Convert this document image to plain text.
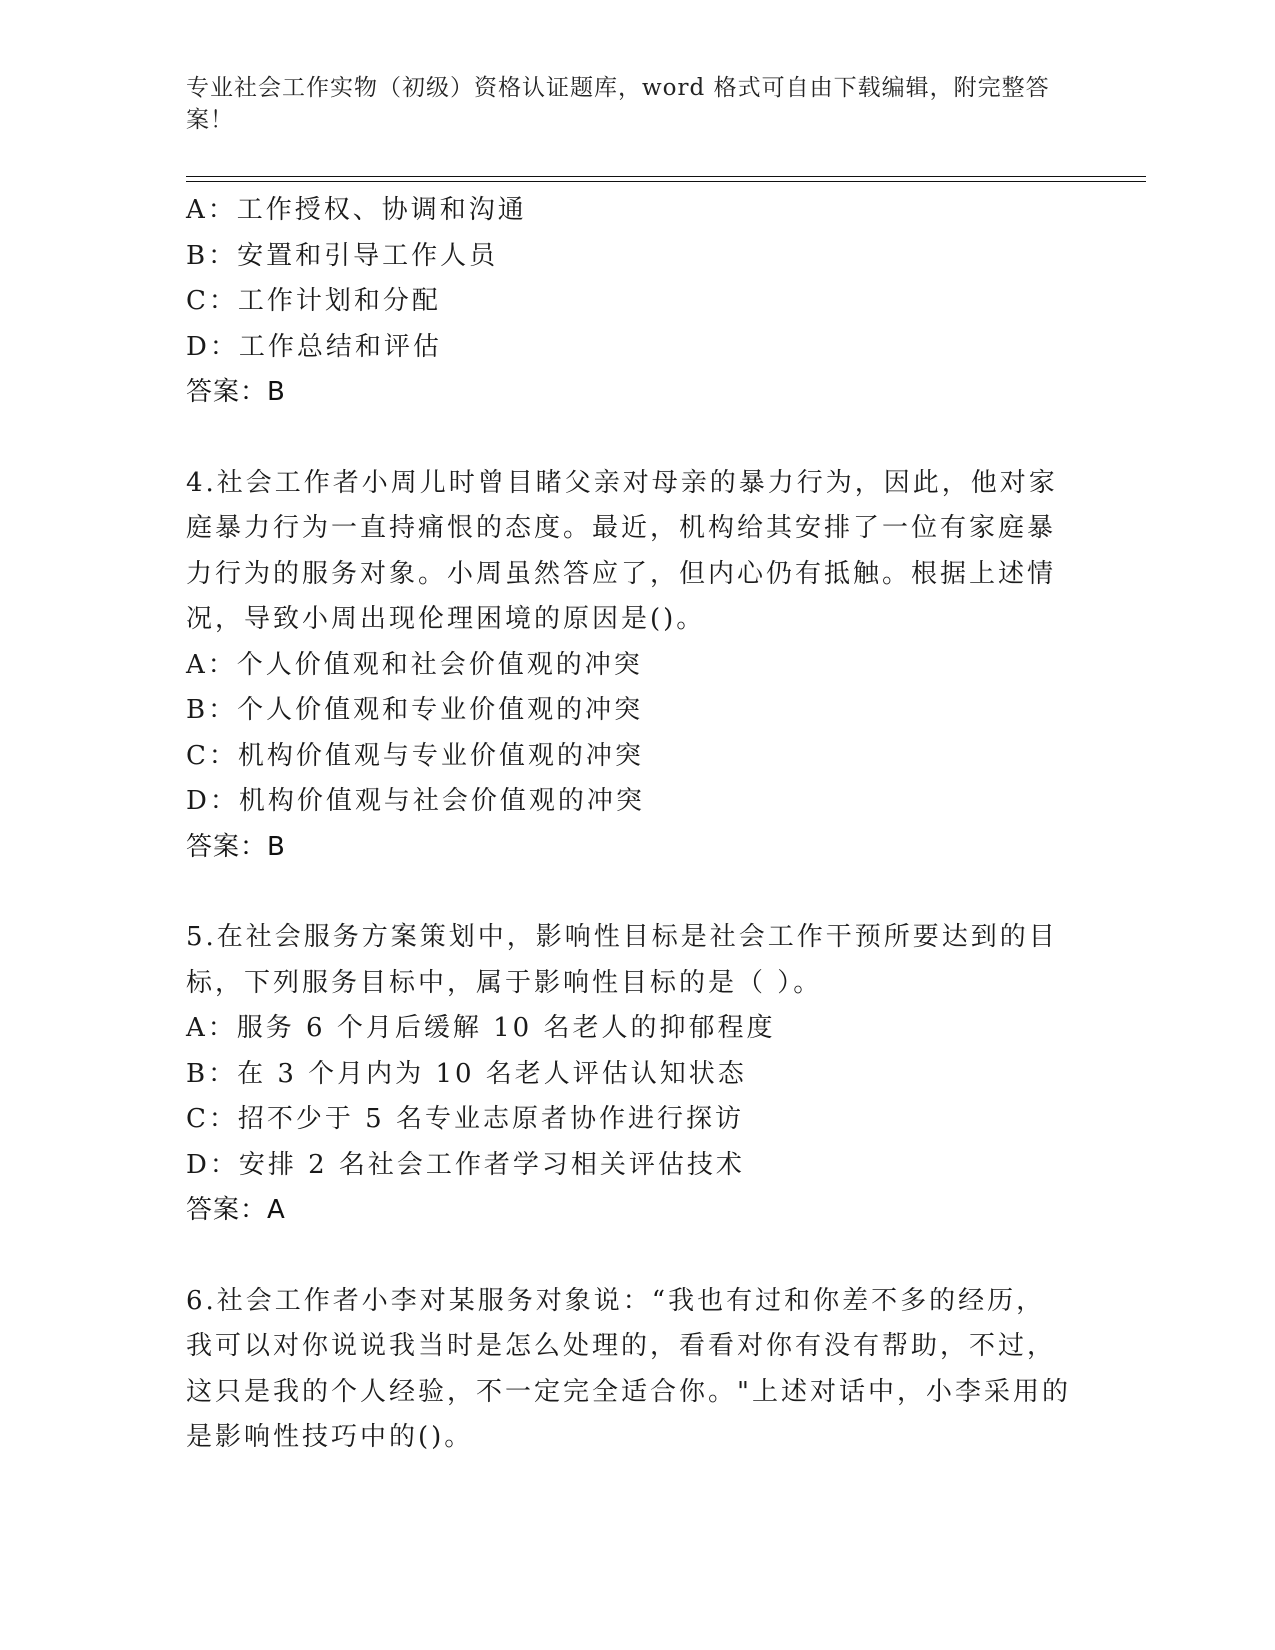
专业社会工作实物（初级）资格认证题库，word 格式可自由下载编辑，附完整答
案！
A：工作授权、协调和沟通
B：安置和引导工作人员
C：工作计划和分配
D：工作总结和评估
答案：B
4.社会工作者小周儿时曾目睹父亲对母亲的暴力行为，因此，他对家
庭暴力行为一直持痛恨的态度。最近，机构给其安排了一位有家庭暴
力行为的服务对象。小周虽然答应了，但内心仍有抵触。根据上述情
况，导致小周出现伦理困境的原因是()。
A：个人价值观和社会价值观的冲突
B：个人价值观和专业价值观的冲突
C：机构价值观与专业价值观的冲突
D：机构价值观与社会价值观的冲突
答案：B
5.在社会服务方案策划中，影响性目标是社会工作干预所要达到的目
标，下列服务目标中，属于影响性目标的是（ ）。
A：服务 6 个月后缓解 10 名老人的抑郁程度
B：在 3 个月内为 10 名老人评估认知状态
C：招不少于 5 名专业志原者协作进行探访
D：安排 2 名社会工作者学习相关评估技术
答案：A
6.社会工作者小李对某服务对象说：“我也有过和你差不多的经历，
我可以对你说说我当时是怎么处理的，看看对你有没有帮助，不过，
这只是我的个人经验，不一定完全适合你。"上述对话中，小李采用的
是影响性技巧中的()。
